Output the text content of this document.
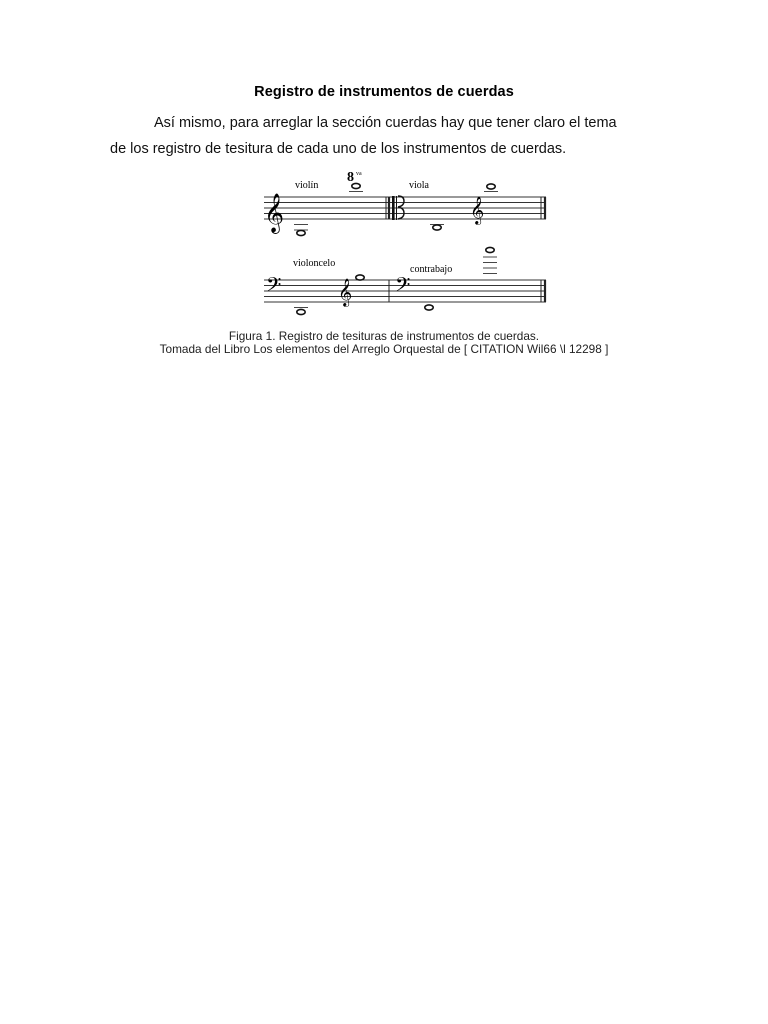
Registro de instrumentos de cuerdas
Así mismo, para arreglar la sección cuerdas hay que tener claro el tema
de los registro de tesitura de cada uno de los instrumentos de cuerdas.
𝄞
violín
8 va
viola
𝄞
𝄢
violoncelo
𝄞 𝄢
contrabajo
Figura 1. Registro de tesituras de instrumentos de cuerdas.
Tomada del Libro Los elementos del Arreglo Orquestal de [ CITATION Wil66 \l 12298 ]
